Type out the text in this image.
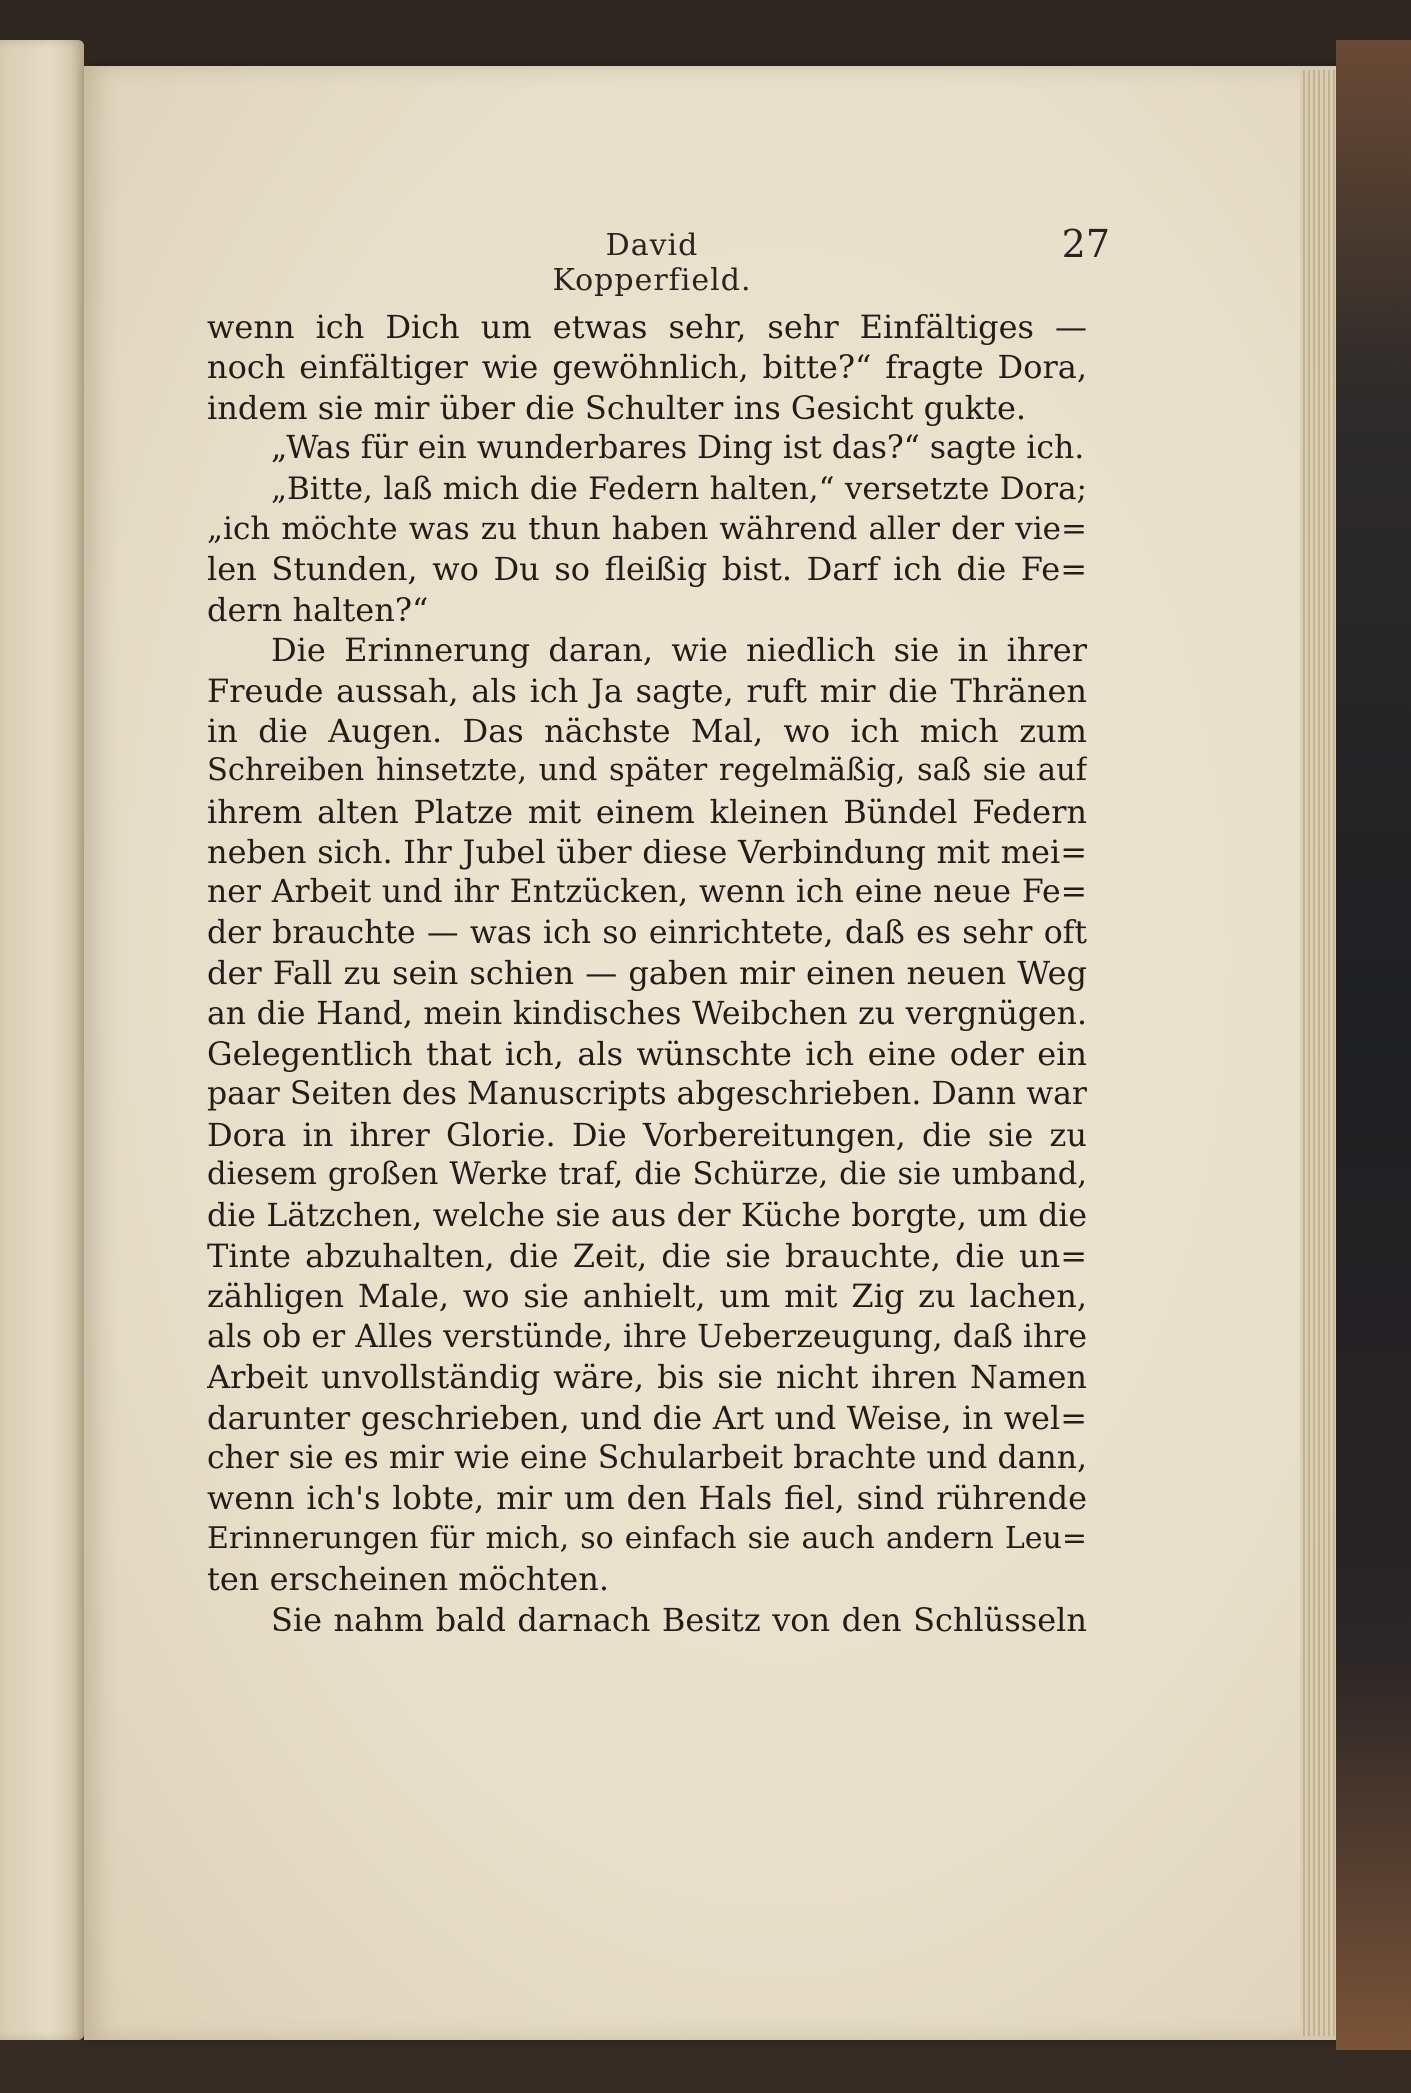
David Kopperfield.
27
wenn ich Dich um etwas sehr, sehr Einfältiges —
noch einfältiger wie gewöhnlich, bitte?“ fragte Dora,
indem sie mir über die Schulter ins Gesicht gukte.
„Was für ein wunderbares Ding ist das?“ sagte ich.
„Bitte, laß mich die Federn halten,“ versetzte Dora;
„ich möchte was zu thun haben während aller der vie=
len Stunden, wo Du so fleißig bist. Darf ich die Fe=
dern halten?“
Die Erinnerung daran, wie niedlich sie in ihrer
Freude aussah, als ich Ja sagte, ruft mir die Thränen
in die Augen. Das nächste Mal, wo ich mich zum
Schreiben hinsetzte, und später regelmäßig, saß sie auf
ihrem alten Platze mit einem kleinen Bündel Federn
neben sich. Ihr Jubel über diese Verbindung mit mei=
ner Arbeit und ihr Entzücken, wenn ich eine neue Fe=
der brauchte — was ich so einrichtete, daß es sehr oft
der Fall zu sein schien — gaben mir einen neuen Weg
an die Hand, mein kindisches Weibchen zu vergnügen.
Gelegentlich that ich, als wünschte ich eine oder ein
paar Seiten des Manuscripts abgeschrieben. Dann war
Dora in ihrer Glorie. Die Vorbereitungen, die sie zu
diesem großen Werke traf, die Schürze, die sie umband,
die Lätzchen, welche sie aus der Küche borgte, um die
Tinte abzuhalten, die Zeit, die sie brauchte, die un=
zähligen Male, wo sie anhielt, um mit Zig zu lachen,
als ob er Alles verstünde, ihre Ueberzeugung, daß ihre
Arbeit unvollständig wäre, bis sie nicht ihren Namen
darunter geschrieben, und die Art und Weise, in wel=
cher sie es mir wie eine Schularbeit brachte und dann,
wenn ich's lobte, mir um den Hals fiel, sind rührende
Erinnerungen für mich, so einfach sie auch andern Leu=
ten erscheinen möchten.
Sie nahm bald darnach Besitz von den Schlüsseln
